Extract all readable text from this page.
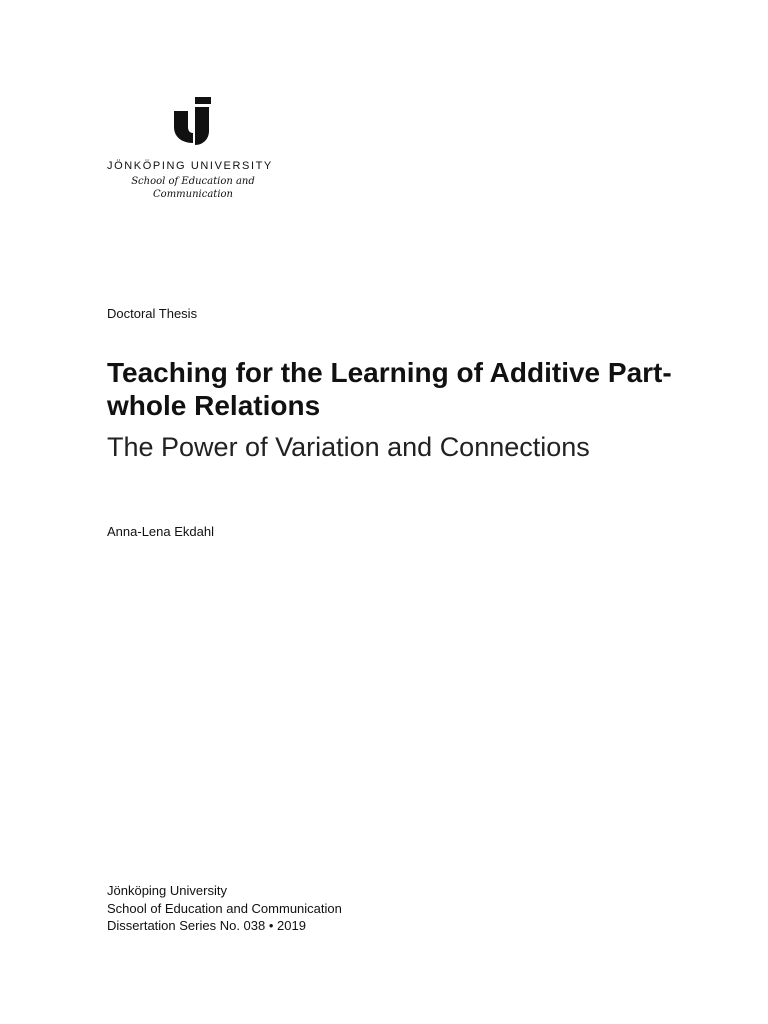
JÖNKÖPING UNIVERSITY
School of Education and
Communication
Doctoral Thesis
Teaching for the Learning of Additive Part-whole Relations
The Power of Variation and Connections
Anna-Lena Ekdahl
Jönköping University
School of Education and Communication
Dissertation Series No. 038 • 2019
